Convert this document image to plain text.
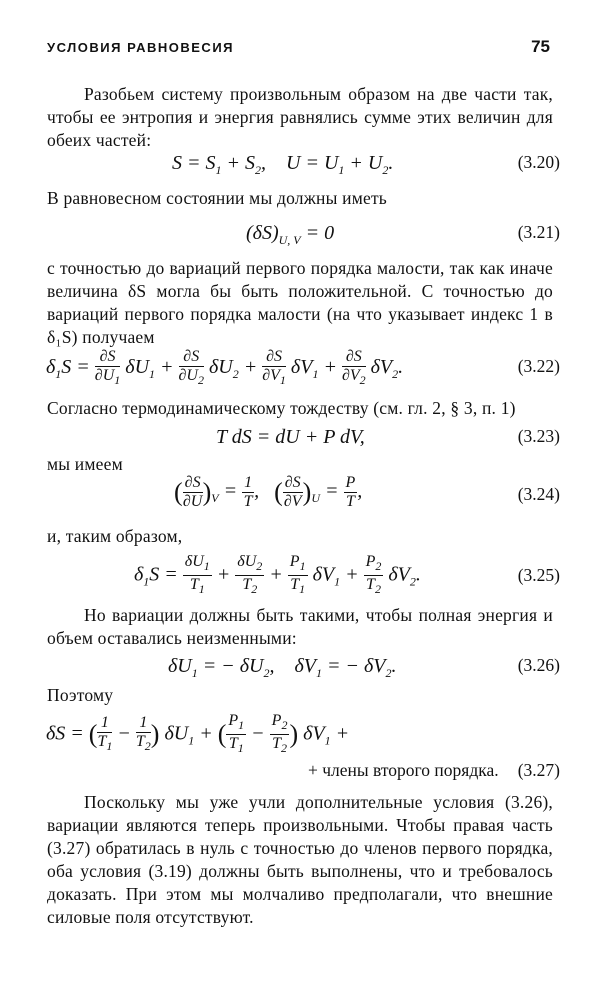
УСЛОВИЯ РАВНОВЕСИЯ	75

Разобьем систему произвольным образом на две части так, чтобы ее энтропия и энергия равнялись сумме этих величин для обеих частей:

$S = S_1 + S_2$,    $U = U_1 + U_2$.	(3.20)

В равновесном состоянии мы должны иметь

$(\delta S)_{U, V} = 0$	(3.21)

с точностью до вариаций первого порядка малости, так как иначе величина δS могла бы быть положительной. С точностью до вариаций первого порядка малости (на что указывает индекс 1 в δ₁S) получаем

$\delta_1S = \frac{\partial S}{\partial U_1} \delta U_1 + \frac{\partial S}{\partial U_2} \delta U_2 + \frac{\partial S}{\partial V_1} \delta V_1 + \frac{\partial S}{\partial V_2} \delta V_2$.	(3.22)

Согласно термодинамическому тождеству (см. гл. 2, § 3, п. 1)

T dS = dU + P dV,	(3.23)

мы имеем

( $\frac{\partial S}{\partial U} )_V = \frac{1}{T}$ ,   ( $\frac{\partial S}{\partial V} )_U = \frac{P}{T}$ ,	(3.24)

и, таким образом,

$\delta_1S = \frac{\delta U_1}{T_1} + \frac{\delta U_2}{T_2} + \frac{P_1}{T_1} \delta V_1 + \frac{P_2}{T_2} \delta V_2$.	(3.25)

Но вариации должны быть такими, чтобы полная энергия и объем оставались неизменными:

$\delta U_1$ = − $\delta U_2$,    $\delta V_1$ = − $\delta V_2$.	(3.26)

Поэтому

δS = ( $\frac{1}{T_1} - \frac{1}{T_2}$ ) $\delta U_1$ + ( $\frac{P_1}{T_1} - \frac{P_2}{T_2}$ ) $\delta V_1$ +
+ члены второго порядка. (3.27)

Поскольку мы уже учли дополнительные условия (3.26), вариации являются теперь произвольными. Чтобы правая часть (3.27) обратилась в нуль с точностью до членов первого порядка, оба условия (3.19) должны быть выполнены, что и требовалось доказать. При этом мы молчаливо предполагали, что внешние силовые поля отсутствуют.
